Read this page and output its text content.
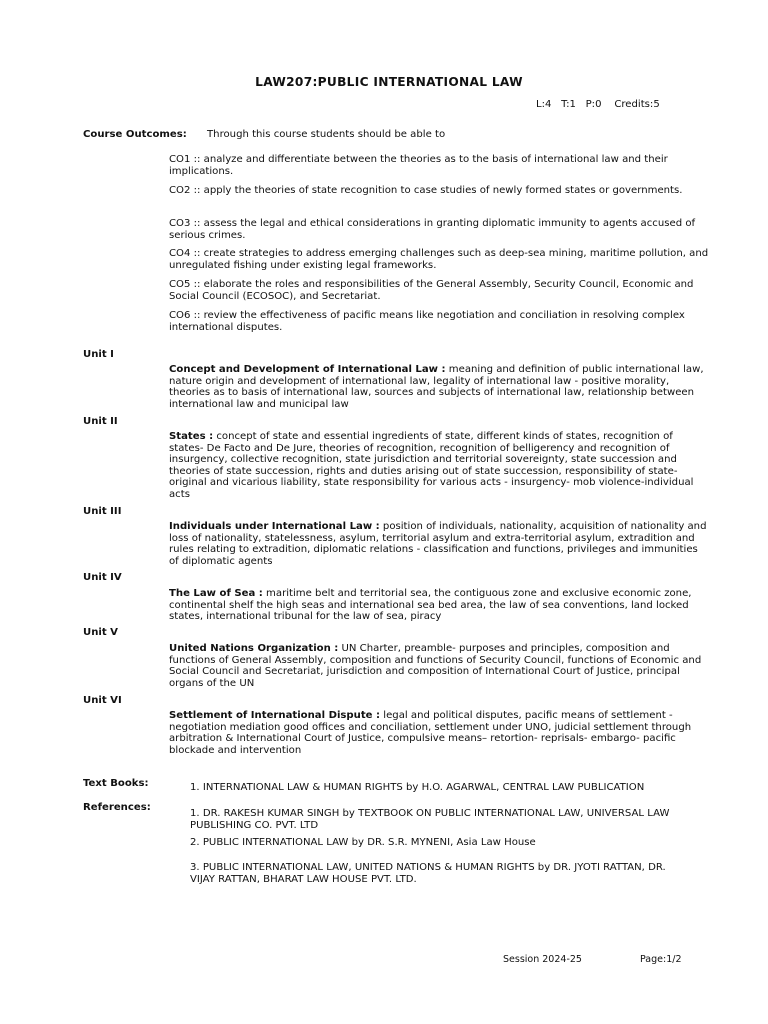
LAW207:PUBLIC INTERNATIONAL LAW
L:4   T:1   P:0    Credits:5
Course Outcomes: Through this course students should be able to
CO1 :: analyze and differentiate between the theories as to the basis of international law and their implications.
CO2 :: apply the theories of state recognition to case studies of newly formed states or governments.
CO3 :: assess the legal and ethical considerations in granting diplomatic immunity to agents accused of serious crimes.
CO4 :: create strategies to address emerging challenges such as deep-sea mining, maritime pollution, and unregulated fishing under existing legal frameworks.
CO5 :: elaborate the roles and responsibilities of the General Assembly, Security Council, Economic and Social Council (ECOSOC), and Secretariat.
CO6 :: review the effectiveness of pacific means like negotiation and conciliation in resolving complex international disputes.
Unit I

Concept and Development of International Law : meaning and definition of public international law, nature origin and development of international law, legality of international law - positive morality, theories as to basis of international law, sources and subjects of international law, relationship between international law and municipal law

Unit II

States : concept of state and essential ingredients of state, different kinds of states, recognition of states- De Facto and De Jure, theories of recognition, recognition of belligerency and recognition of insurgency, collective recognition, state jurisdiction and territorial sovereignty, state succession and theories of state succession, rights and duties arising out of state succession, responsibility of state-original and vicarious liability, state responsibility for various acts - insurgency- mob violence-individual acts

Unit III

Individuals under International Law : position of individuals, nationality, acquisition of nationality and loss of nationality, statelessness, asylum, territorial asylum and extra-territorial asylum, extradition and rules relating to extradition, diplomatic relations - classification and functions, privileges and immunities of diplomatic agents

Unit IV

The Law of Sea : maritime belt and territorial sea, the contiguous zone and exclusive economic zone, continental shelf the high seas and international sea bed area, the law of sea conventions, land locked states, international tribunal for the law of sea, piracy

Unit V

United Nations Organization : UN Charter, preamble- purposes and principles, composition and functions of General Assembly, composition and functions of Security Council, functions of Economic and Social Council and Secretariat, jurisdiction and composition of International Court of Justice, principal organs of the UN

Unit VI

Settlement of International Dispute : legal and political disputes, pacific means of settlement - negotiation mediation good offices and conciliation, settlement under UNO, judicial settlement through arbitration & International Court of Justice, compulsive means– retortion- reprisals- embargo- pacific blockade and intervention

Text Books:	1. INTERNATIONAL LAW & HUMAN RIGHTS by H.O. AGARWAL, CENTRAL LAW PUBLICATION
References:
1. DR. RAKESH KUMAR SINGH by TEXTBOOK ON PUBLIC INTERNATIONAL LAW, UNIVERSAL LAW PUBLISHING CO. PVT. LTD
2. PUBLIC INTERNATIONAL LAW by DR. S.R. MYNENI, Asia Law House
3. PUBLIC INTERNATIONAL LAW, UNITED NATIONS & HUMAN RIGHTS by DR. JYOTI RATTAN, DR. VIJAY RATTAN, BHARAT LAW HOUSE PVT. LTD.
Session 2024-25	Page:1/2
